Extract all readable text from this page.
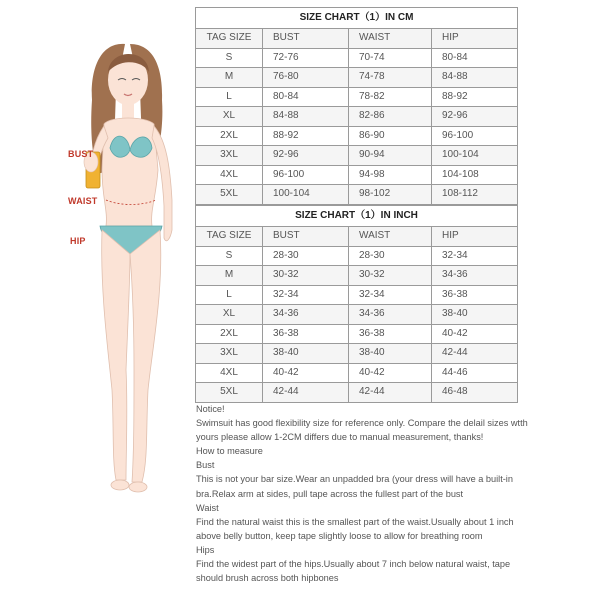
BUST
WAIST
HIP
SIZE CHART（1）IN CM			
TAG SIZE	BUST	WAIST	HIP
S	72-76	70-74	80-84
M	76-80	74-78	84-88
L	80-84	78-82	88-92
XL	84-88	82-86	92-96
2XL	88-92	86-90	96-100
3XL	92-96	90-94	100-104
4XL	96-100	94-98	104-108
5XL	100-104	98-102	108-112
SIZE CHART（1）IN INCH			
TAG SIZE	BUST	WAIST	HIP
S	28-30	28-30	32-34
M	30-32	30-32	34-36
L	32-34	32-34	36-38
XL	34-36	34-36	38-40
2XL	36-38	36-38	40-42
3XL	38-40	38-40	42-44
4XL	40-42	40-42	44-46
5XL	42-44	42-44	46-48

Notice!

Swimsuit has good flexibility size for reference only. Compare the delail sizes wtth

yours please allow 1-2CM differs due to manual measurement, thanks!

How to measure

Bust

This is not your bar size.Wear an unpadded bra (your dress will have a built-in

bra.Relax arm at sides, pull tape across the fullest part of the bust

Waist

Find the natural waist this is the smallest part of the waist.Usually about 1 inch

above belly button, keep tape slightly loose to allow for breathing room

Hips

Find the widest part of the hips.Usually about 7 inch below natural waist, tape

should brush across both hipbones
